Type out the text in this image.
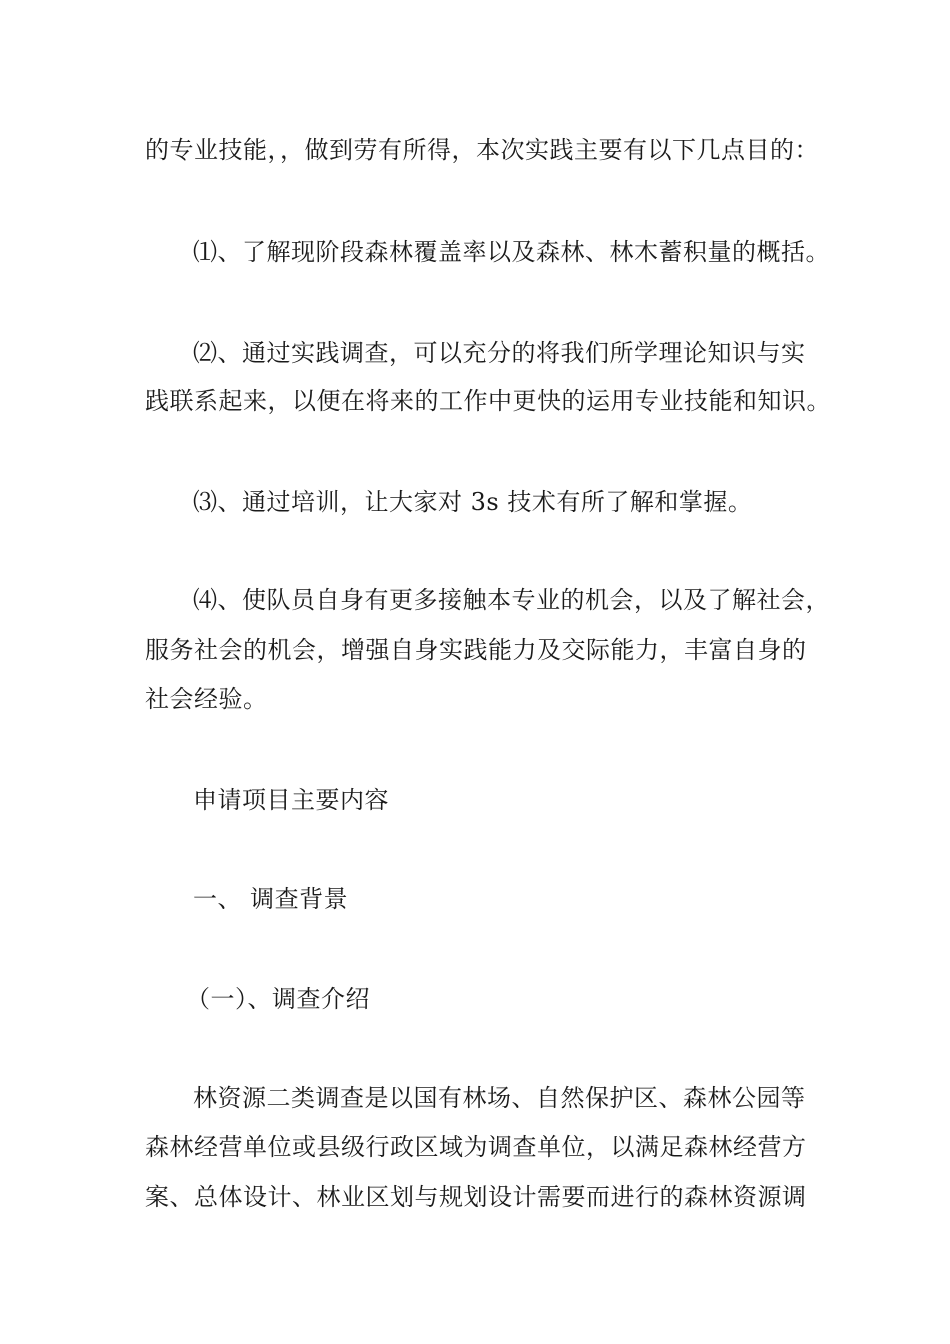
的专业技能，，做到劳有所得，本次实践主要有以下几点目的：
⑴、了解现阶段森林覆盖率以及森林、林木蓄积量的概括。
⑵、通过实践调查，可以充分的将我们所学理论知识与实
践联系起来，以便在将来的工作中更快的运用专业技能和知识。
⑶、通过培训，让大家对 3s 技术有所了解和掌握。
⑷、使队员自身有更多接触本专业的机会，以及了解社会，
服务社会的机会，增强自身实践能力及交际能力，丰富自身的
社会经验。
申请项目主要内容
一、 调查背景
（一）、调查介绍
林资源二类调查是以国有林场、自然保护区、森林公园等
森林经营单位或县级行政区域为调查单位，以满足森林经营方
案、总体设计、林业区划与规划设计需要而进行的森林资源调
